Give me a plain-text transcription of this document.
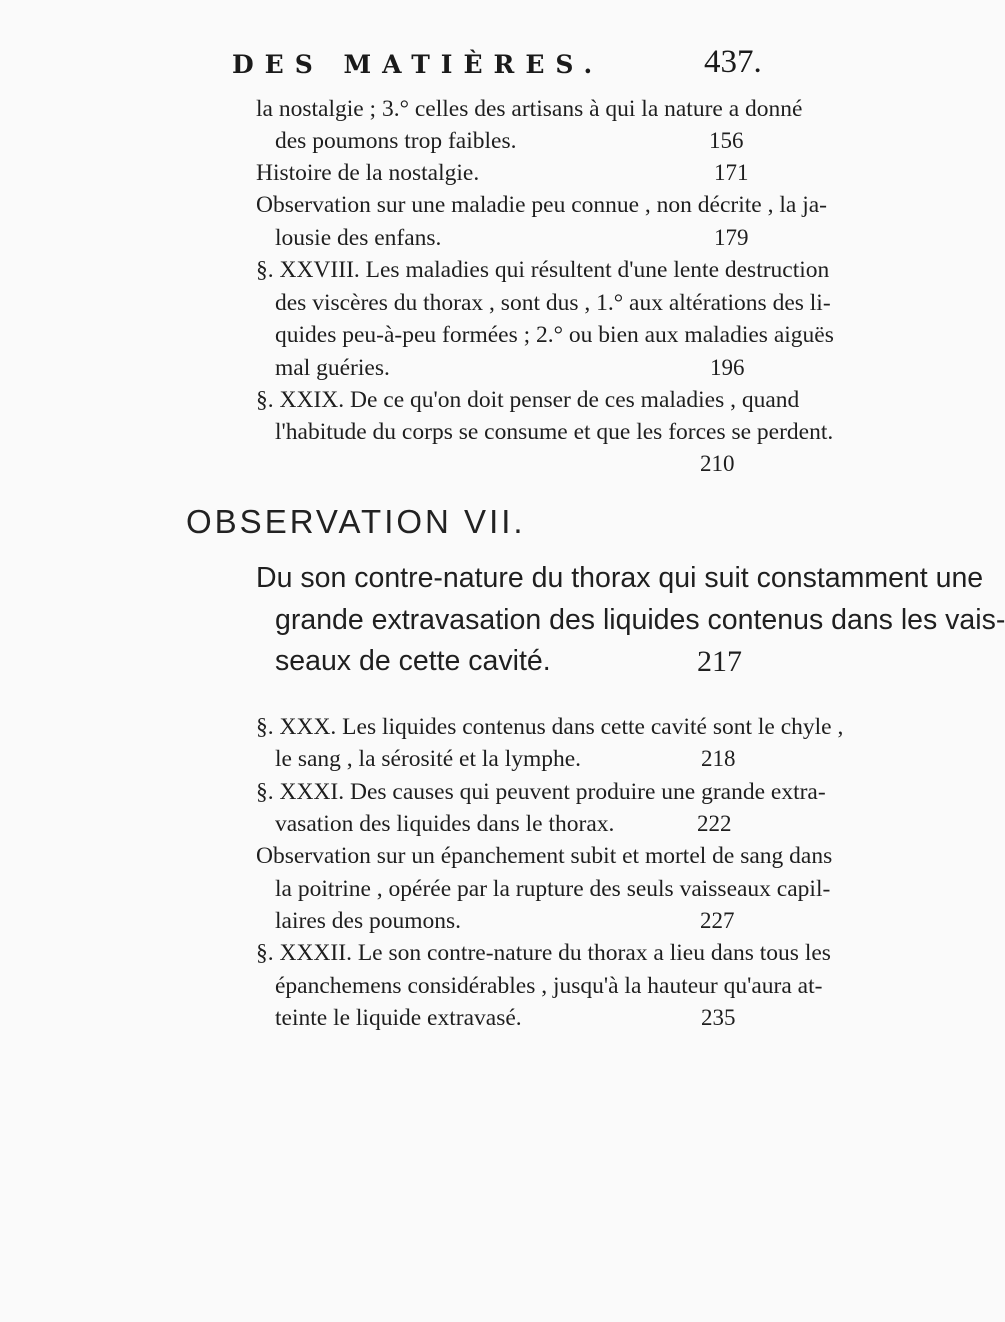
DES MATIÈRES.	437.
la nostalgie ; 3.° celles des artisans à qui la nature a donné
des poumons trop faibles.	156
Histoire de la nostalgie.	171
Observation sur une maladie peu connue , non décrite , la ja-
lousie des enfans.	179
§. XXVIII. Les maladies qui résultent d'une lente destruction
des viscères du thorax , sont dus , 1.° aux altérations des li-
quides peu-à-peu formées ; 2.° ou bien aux maladies aiguës
mal guéries.	196
§. XXIX. De ce qu'on doit penser de ces maladies , quand
l'habitude du corps se consume et que les forces se perdent.
210
OBSERVATION VII.
Du son contre-nature du thorax qui suit constamment une
grande extravasation des liquides contenus dans les vais-
seaux de cette cavité.	217
§. XXX. Les liquides contenus dans cette cavité sont le chyle ,
le sang , la sérosité et la lymphe.	218
§. XXXI. Des causes qui peuvent produire une grande extra-
vasation des liquides dans le thorax.	222
Observation sur un épanchement subit et mortel de sang dans
la poitrine , opérée par la rupture des seuls vaisseaux capil-
laires des poumons.	227
§. XXXII. Le son contre-nature du thorax a lieu dans tous les
épanchemens considérables , jusqu'à la hauteur qu'aura at-
teinte le liquide extravasé.	235
